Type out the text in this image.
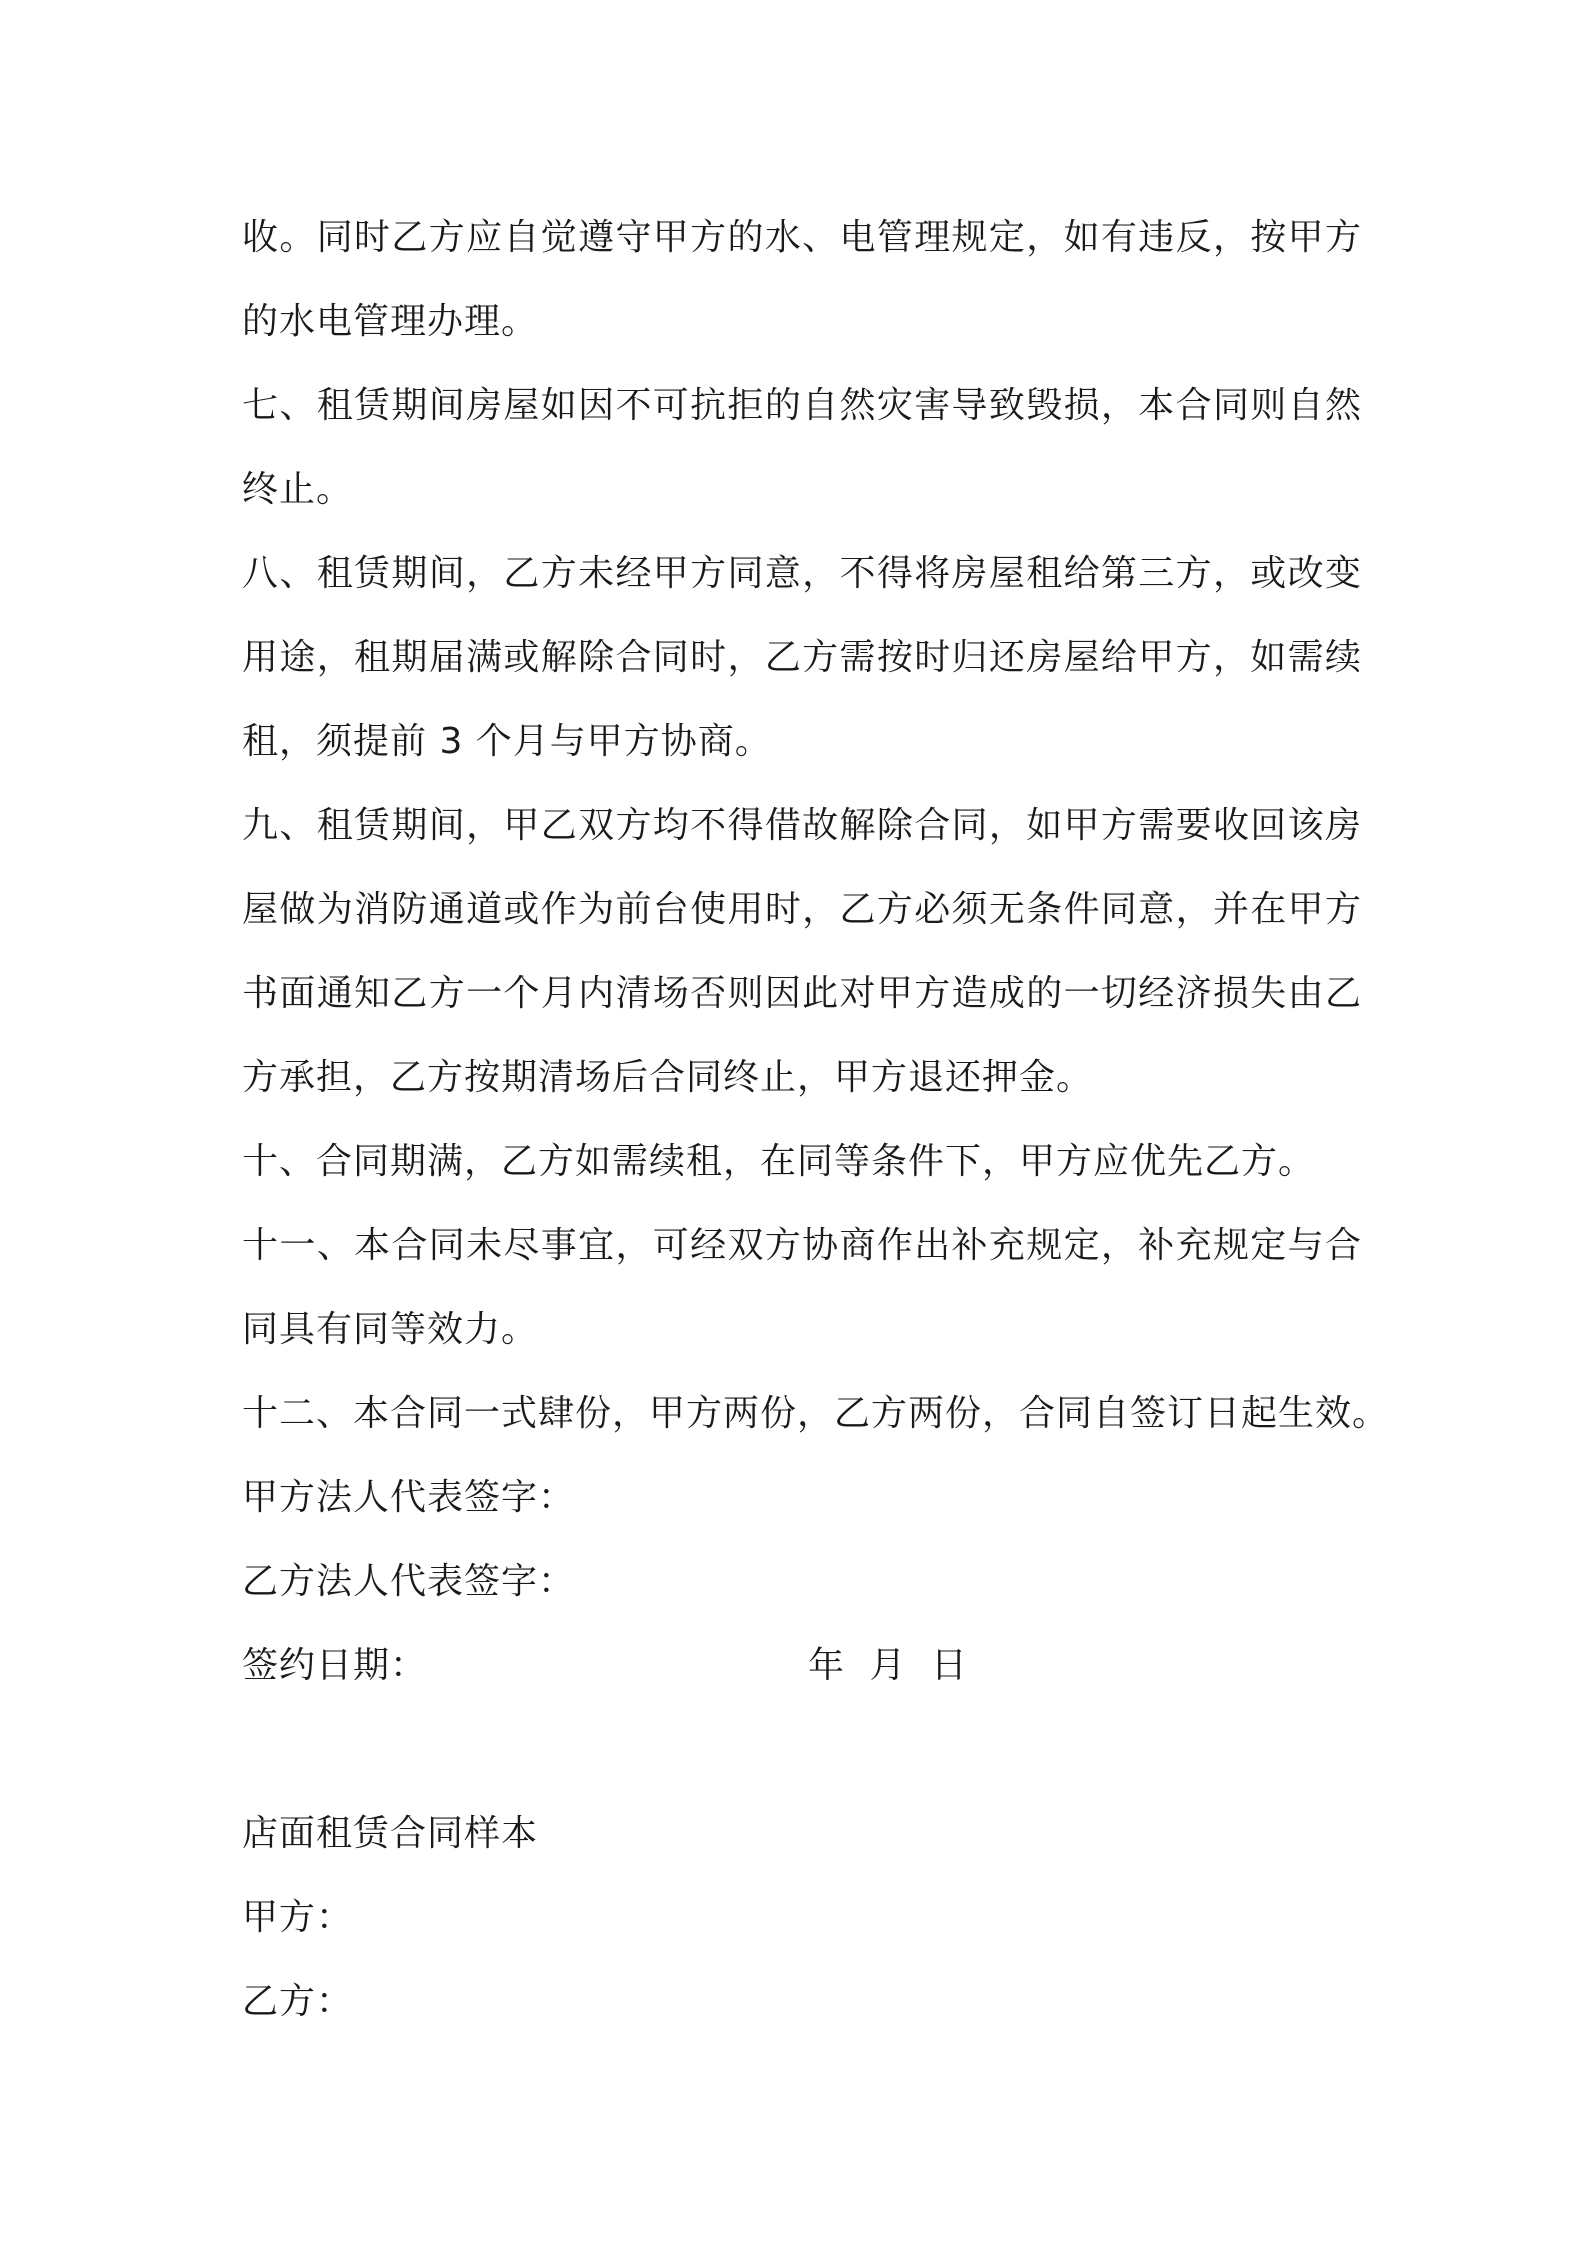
收。同时乙方应自觉遵守甲方的水、电管理规定，如有违反，按甲方的水电管理办理。

七、租赁期间房屋如因不可抗拒的自然灾害导致毁损，本合同则自然终止。

八、租赁期间，乙方未经甲方同意，不得将房屋租给第三方，或改变用途，租期届满或解除合同时，乙方需按时归还房屋给甲方，如需续租，须提前 3 个月与甲方协商。

九、租赁期间，甲乙双方均不得借故解除合同，如甲方需要收回该房屋做为消防通道或作为前台使用时，乙方必须无条件同意，并在甲方书面通知乙方一个月内清场否则因此对甲方造成的一切经济损失由乙方承担，乙方按期清场后合同终止，甲方退还押金。

十、合同期满，乙方如需续租，在同等条件下，甲方应优先乙方。

十一、本合同未尽事宜，可经双方协商作出补充规定，补充规定与合同具有同等效力。

十二、本合同一式肆份，甲方两份，乙方两份，合同自签订日起生效。

甲方法人代表签字：

乙方法人代表签字：

签约日期：	年 月 日

店面租赁合同样本

甲方：

乙方：
